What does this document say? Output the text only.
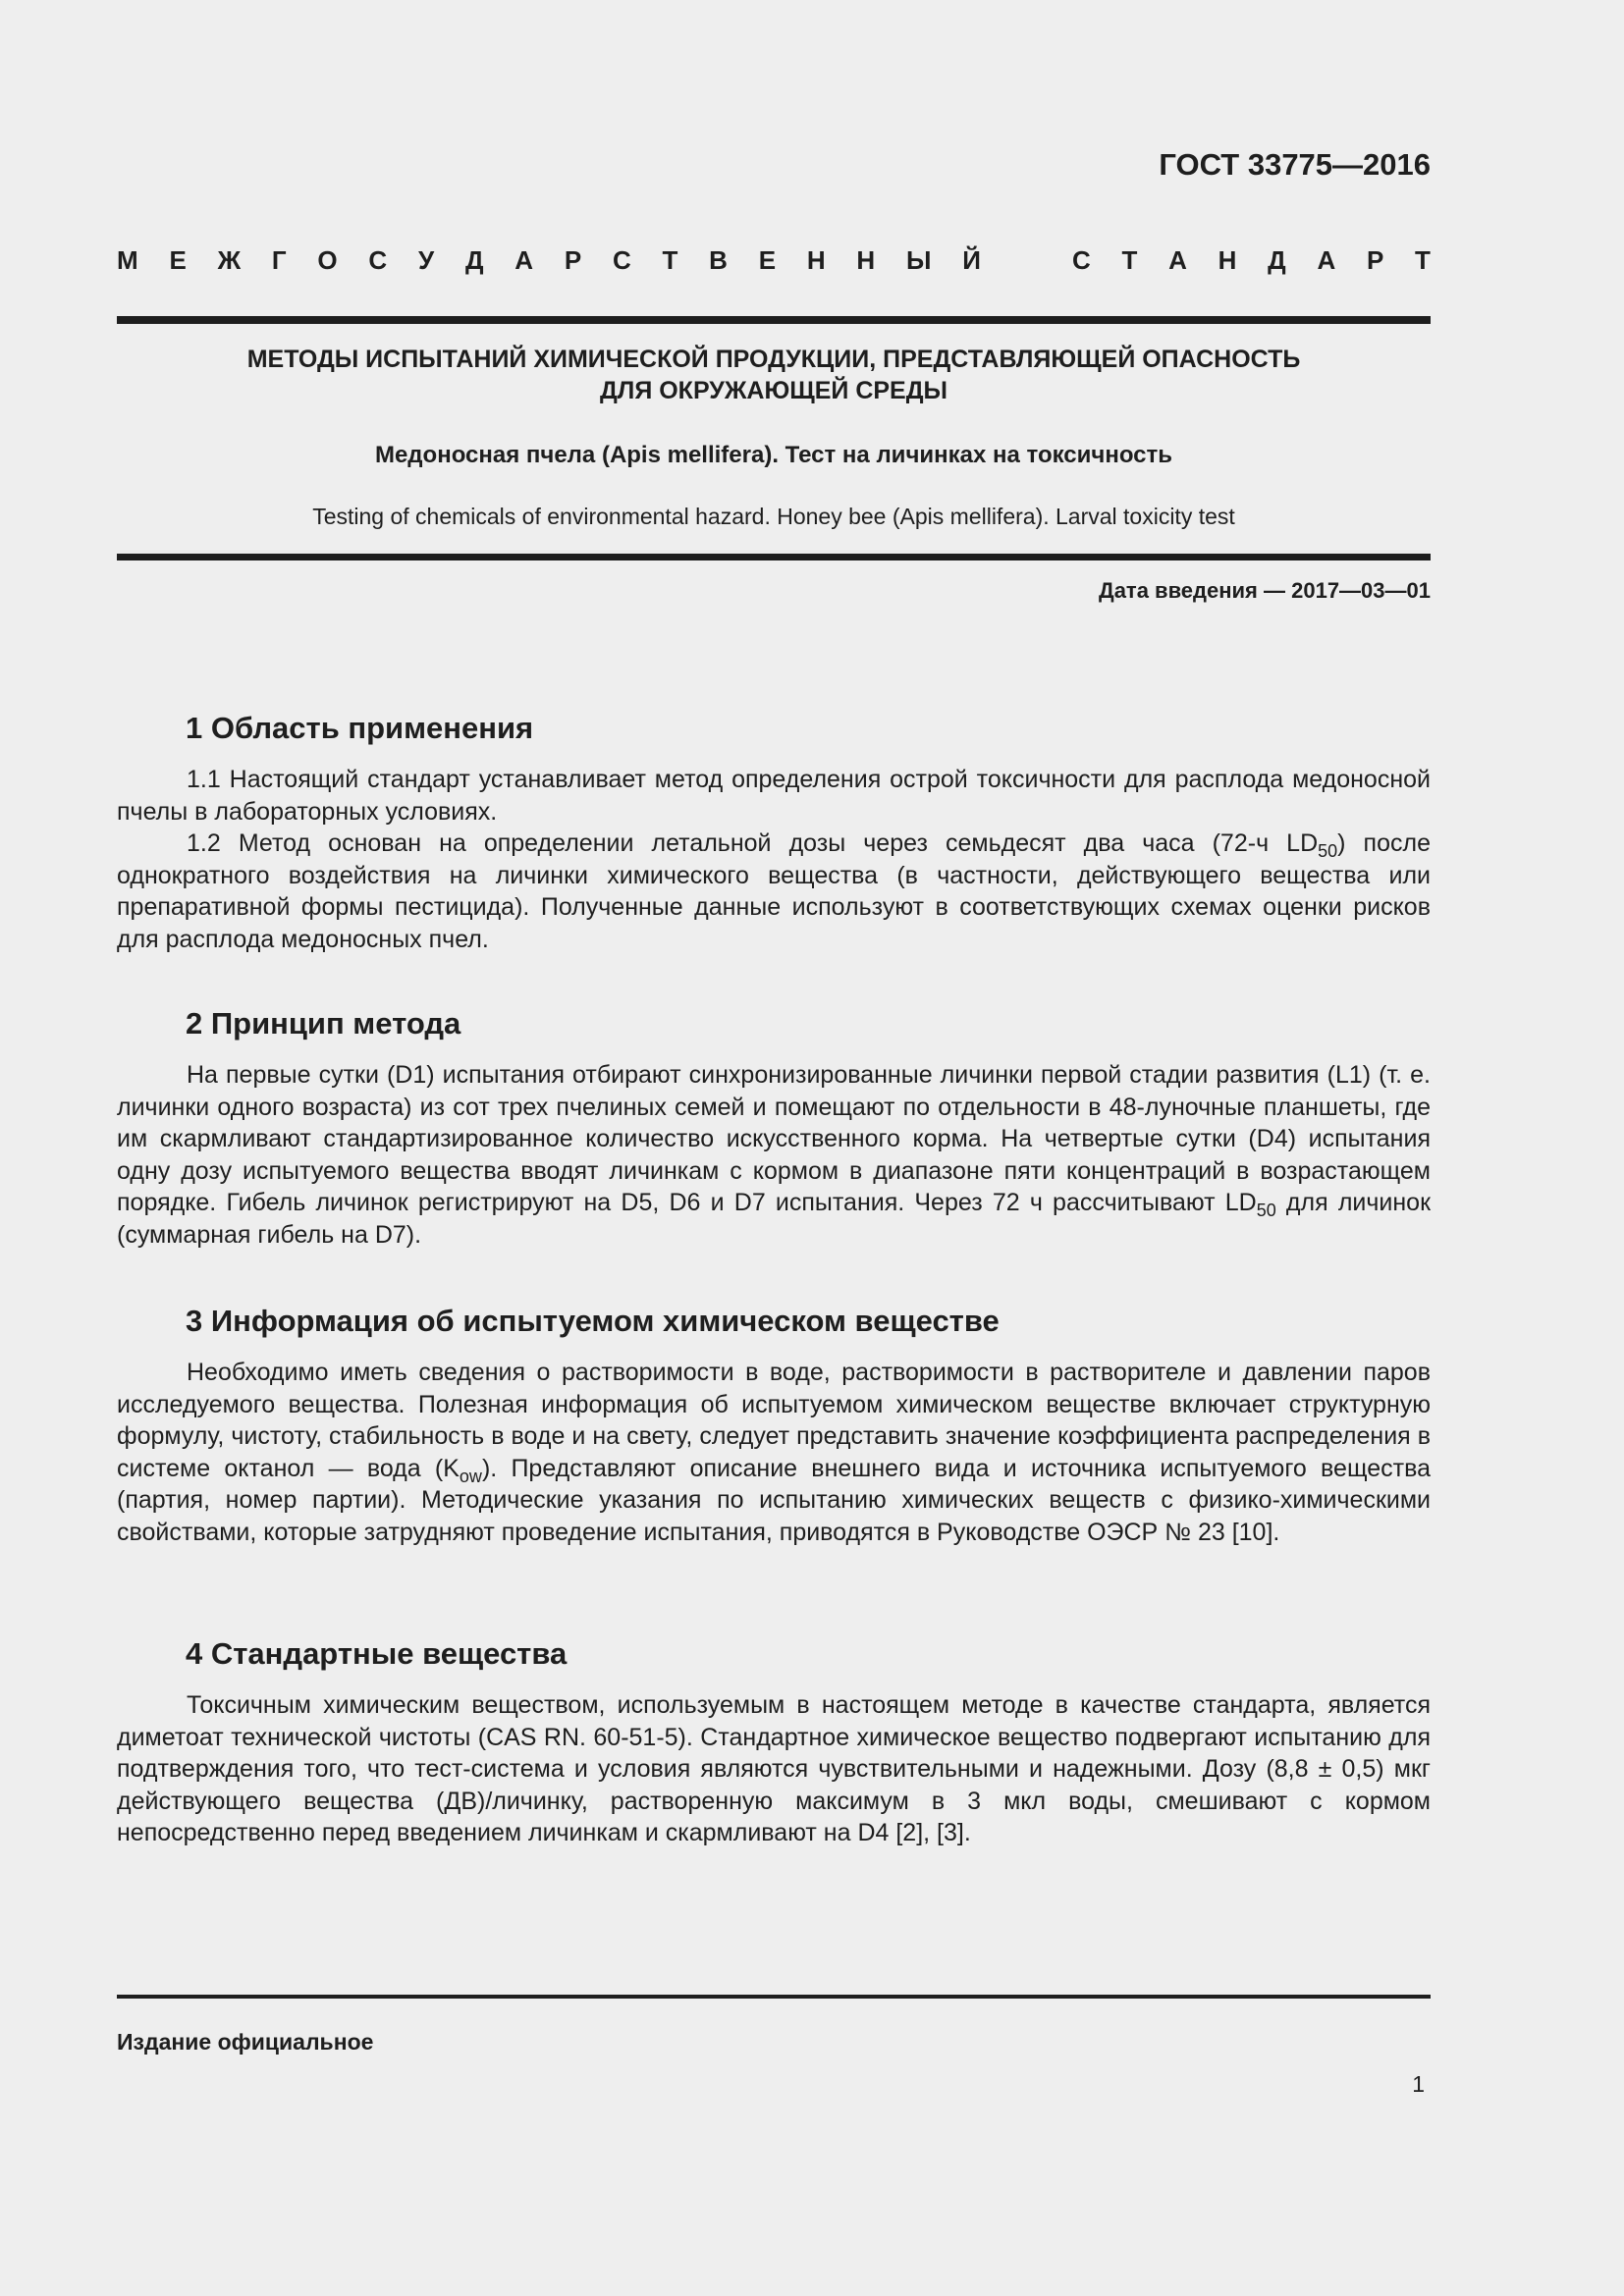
ГОСТ 33775—2016

М Е Ж Г О С У Д А Р С Т В Е Н Н Ы Й	С Т А Н Д А Р Т
МЕТОДЫ ИСПЫТАНИЙ ХИМИЧЕСКОЙ ПРОДУКЦИИ, ПРЕДСТАВЛЯЮЩЕЙ ОПАСНОСТЬ
ДЛЯ ОКРУЖАЮЩЕЙ СРЕДЫ

Медоносная пчела (Apis mellifera). Тест на личинках на токсичность

Testing of chemicals of environmental hazard. Honey bee (Apis mellifera). Larval toxicity test

Дата введения — 2017—03—01

1 Область применения

1.1 Настоящий стандарт устанавливает метод определения острой токсичности для расплода медоносной пчелы в лабораторных условиях.

1.2 Метод основан на определении летальной дозы через семьдесят два часа (72-ч $LD_{50}$) после однократного воздействия на личинки химического вещества (в частности, действующего вещества или препаративной формы пестицида). Полученные данные используют в соответствующих схемах оценки рисков для расплода медоносных пчел.

2 Принцип метода

На первые сутки (D1) испытания отбирают синхронизированные личинки первой стадии развития (L1) (т. е. личинки одного возраста) из сот трех пчелиных семей и помещают по отдельности в 48-луночные планшеты, где им скармливают стандартизированное количество искусственного корма. На четвертые сутки (D4) испытания одну дозу испытуемого вещества вводят личинкам с кормом в диапазоне пяти концентраций в возрастающем порядке. Гибель личинок регистрируют на D5, D6 и D7 испытания. Через 72 ч рассчитывают $LD_{50}$ для личинок (суммарная гибель на D7).

3 Информация об испытуемом химическом веществе

Необходимо иметь сведения о растворимости в воде, растворимости в растворителе и давлении паров исследуемого вещества. Полезная информация об испытуемом химическом веществе включает структурную формулу, чистоту, стабильность в воде и на свету, следует представить значение коэффициента распределения в системе октанол — вода $(K_{ow})$. Представляют описание внешнего вида и источника испытуемого вещества (партия, номер партии). Методические указания по испытанию химических веществ с физико-химическими свойствами, которые затрудняют проведение испытания, приводятся в Руководстве ОЭСР № 23 [10].

4 Стандартные вещества

Токсичным химическим веществом, используемым в настоящем методе в качестве стандарта, является диметоат технической чистоты (CAS RN. 60-51-5). Стандартное химическое вещество подвергают испытанию для подтверждения того, что тест-система и условия являются чувствительными и надежными. Дозу (8,8 ± 0,5) мкг действующего вещества (ДВ)/личинку, растворенную максимум в 3 мкл воды, смешивают с кормом непосредственно перед введением личинкам и скармливают на D4 [2], [3].

Издание официальное

1
